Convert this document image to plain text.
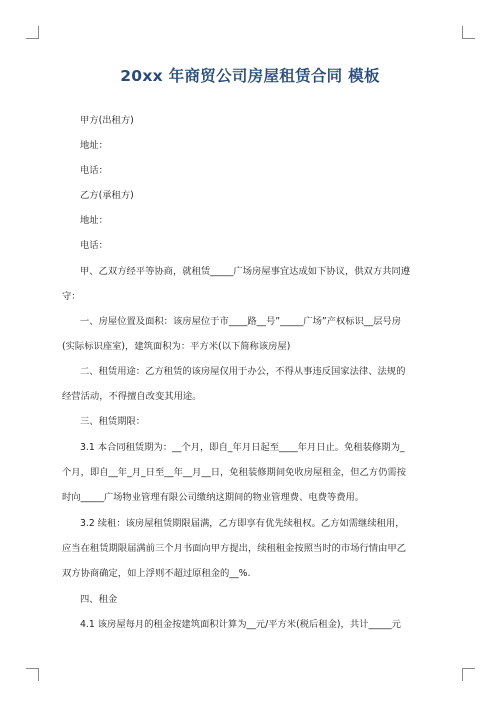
20xx 年商贸公司房屋租赁合同 模板
甲方(出租方)
地址：
电话：
乙方(承租方)
地址：
电话：
甲、乙双方经平等协商，就租赁_____广场房屋事宜达成如下协议，供双方共同遵
守：
一、房屋位置及面积：该房屋位于市____路__号”_____广场”产权标识__层号房
(实际标识座室)，建筑面积为：平方米(以下简称该房屋)
二、租赁用途：乙方租赁的该房屋仅用于办公，不得从事违反国家法律、法规的
经营活动，不得擅自改变其用途。
三、租赁期限：
3.1 本合同租赁期为：__个月，即自_年月日起至____年月日止。免租装修期为_
个月，即自__年_月_日至__年__月__日，免租装修期间免收房屋租金，但乙方仍需按
时向_____广场物业管理有限公司缴纳这期间的物业管理费、电费等费用。
3.2 续租：该房屋租赁期限届满，乙方即享有优先续租权。乙方如需继续租用，
应当在租赁期限届满前三个月书面向甲方提出，续租租金按照当时的市场行情由甲乙
双方协商确定，如上浮则不超过原租金的__%.
四、租金
4.1 该房屋每月的租金按建筑面积计算为__元/平方米(税后租金)，共计_____元
